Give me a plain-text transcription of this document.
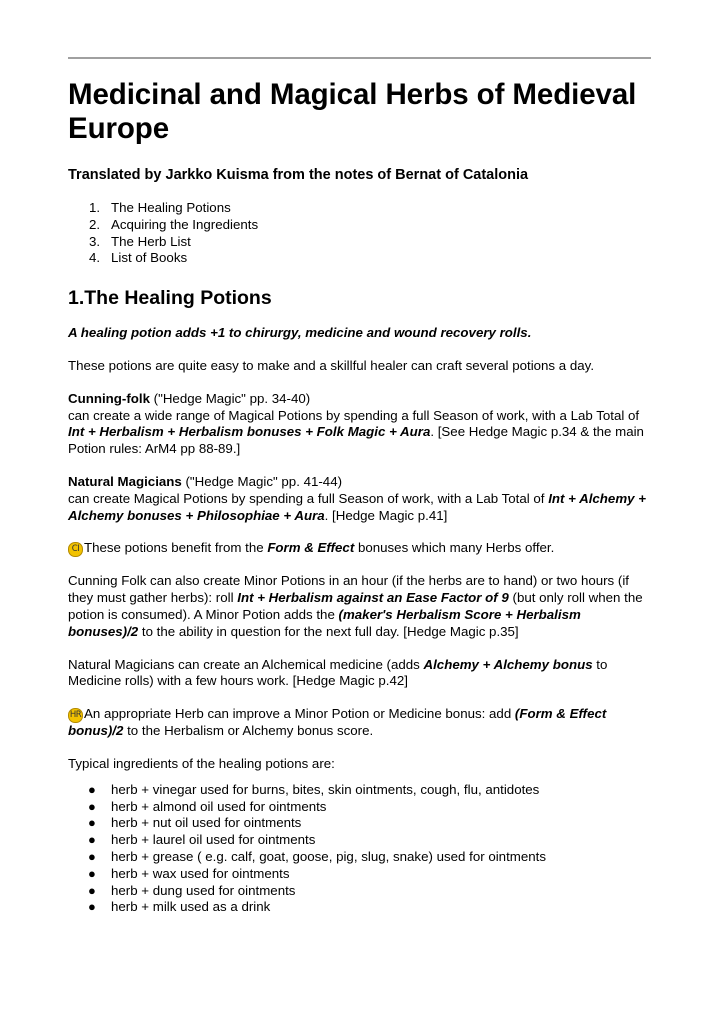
Medicinal and Magical Herbs of Medieval Europe
Translated by Jarkko Kuisma from the notes of Bernat of Catalonia
1. The Healing Potions
2. Acquiring the Ingredients
3. The Herb List
4. List of Books
1.The Healing Potions

A healing potion adds +1 to chirurgy, medicine and wound recovery rolls.

These potions are quite easy to make and a skillful healer can craft several potions a day.

Cunning-folk ("Hedge Magic" pp. 34-40)
can create a wide range of Magical Potions by spending a full Season of work, with a Lab Total of Int + Herbalism + Herbalism bonuses + Folk Magic + Aura. [See Hedge Magic p.34 & the main Potion rules: ArM4 pp 88-89.]

Natural Magicians ("Hedge Magic" pp. 41-44)
can create Magical Potions by spending a full Season of work, with a Lab Total of Int + Alchemy + Alchemy bonuses + Philosophiae + Aura. [Hedge Magic p.41]

CI These potions benefit from the Form & Effect bonuses which many Herbs offer.

Cunning Folk can also create Minor Potions in an hour (if the herbs are to hand) or two hours (if they must gather herbs): roll Int + Herbalism against an Ease Factor of 9 (but only roll when the potion is consumed). A Minor Potion adds the (maker's Herbalism Score + Herbalism bonuses)/2 to the ability in question for the next full day. [Hedge Magic p.35]

Natural Magicians can create an Alchemical medicine (adds Alchemy + Alchemy bonus to Medicine rolls) with a few hours work. [Hedge Magic p.42]

HR An appropriate Herb can improve a Minor Potion or Medicine bonus: add (Form & Effect bonus)/2 to the Herbalism or Alchemy bonus score.

Typical ingredients of the healing potions are:

● herb + vinegar used for burns, bites, skin ointments, cough, flu, antidotes
● herb + almond oil used for ointments
● herb + nut oil used for ointments
● herb + laurel oil used for ointments
● herb + grease ( e.g. calf, goat, goose, pig, slug, snake) used for ointments
● herb + wax used for ointments
● herb + dung used for ointments
● herb + milk used as a drink
